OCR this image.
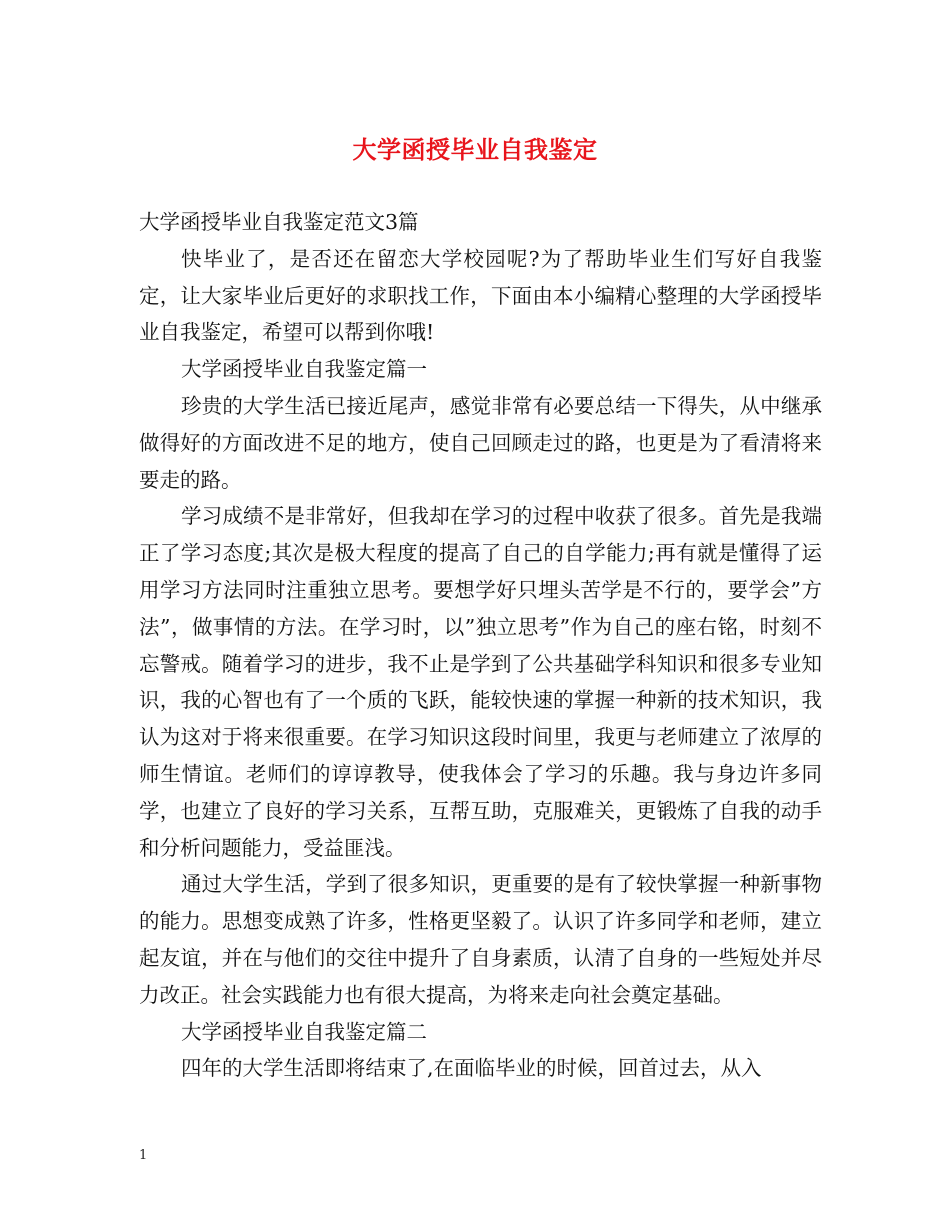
大学函授毕业自我鉴定

大学函授毕业自我鉴定范文3篇

快毕业了，是否还在留恋大学校园呢?为了帮助毕业生们写好自我鉴定，让大家毕业后更好的求职找工作，下面由本小编精心整理的大学函授毕业自我鉴定，希望可以帮到你哦!

大学函授毕业自我鉴定篇一

珍贵的大学生活已接近尾声，感觉非常有必要总结一下得失，从中继承做得好的方面改进不足的地方，使自己回顾走过的路，也更是为了看清将来要走的路。

学习成绩不是非常好，但我却在学习的过程中收获了很多。首先是我端正了学习态度;其次是极大程度的提高了自己的自学能力;再有就是懂得了运用学习方法同时注重独立思考。要想学好只埋头苦学是不行的，要学会”方法”，做事情的方法。在学习时，以”独立思考”作为自己的座右铭，时刻不忘警戒。随着学习的进步，我不止是学到了公共基础学科知识和很多专业知识，我的心智也有了一个质的飞跃，能较快速的掌握一种新的技术知识，我认为这对于将来很重要。在学习知识这段时间里，我更与老师建立了浓厚的师生情谊。老师们的谆谆教导，使我体会了学习的乐趣。我与身边许多同学，也建立了良好的学习关系，互帮互助，克服难关，更锻炼了自我的动手和分析问题能力，受益匪浅。

通过大学生活，学到了很多知识，更重要的是有了较快掌握一种新事物的能力。思想变成熟了许多，性格更坚毅了。认识了许多同学和老师，建立起友谊，并在与他们的交往中提升了自身素质，认清了自身的一些短处并尽力改正。社会实践能力也有很大提高，为将来走向社会奠定基础。

大学函授毕业自我鉴定篇二

四年的大学生活即将结束了,在面临毕业的时候，回首过去，从入

1
